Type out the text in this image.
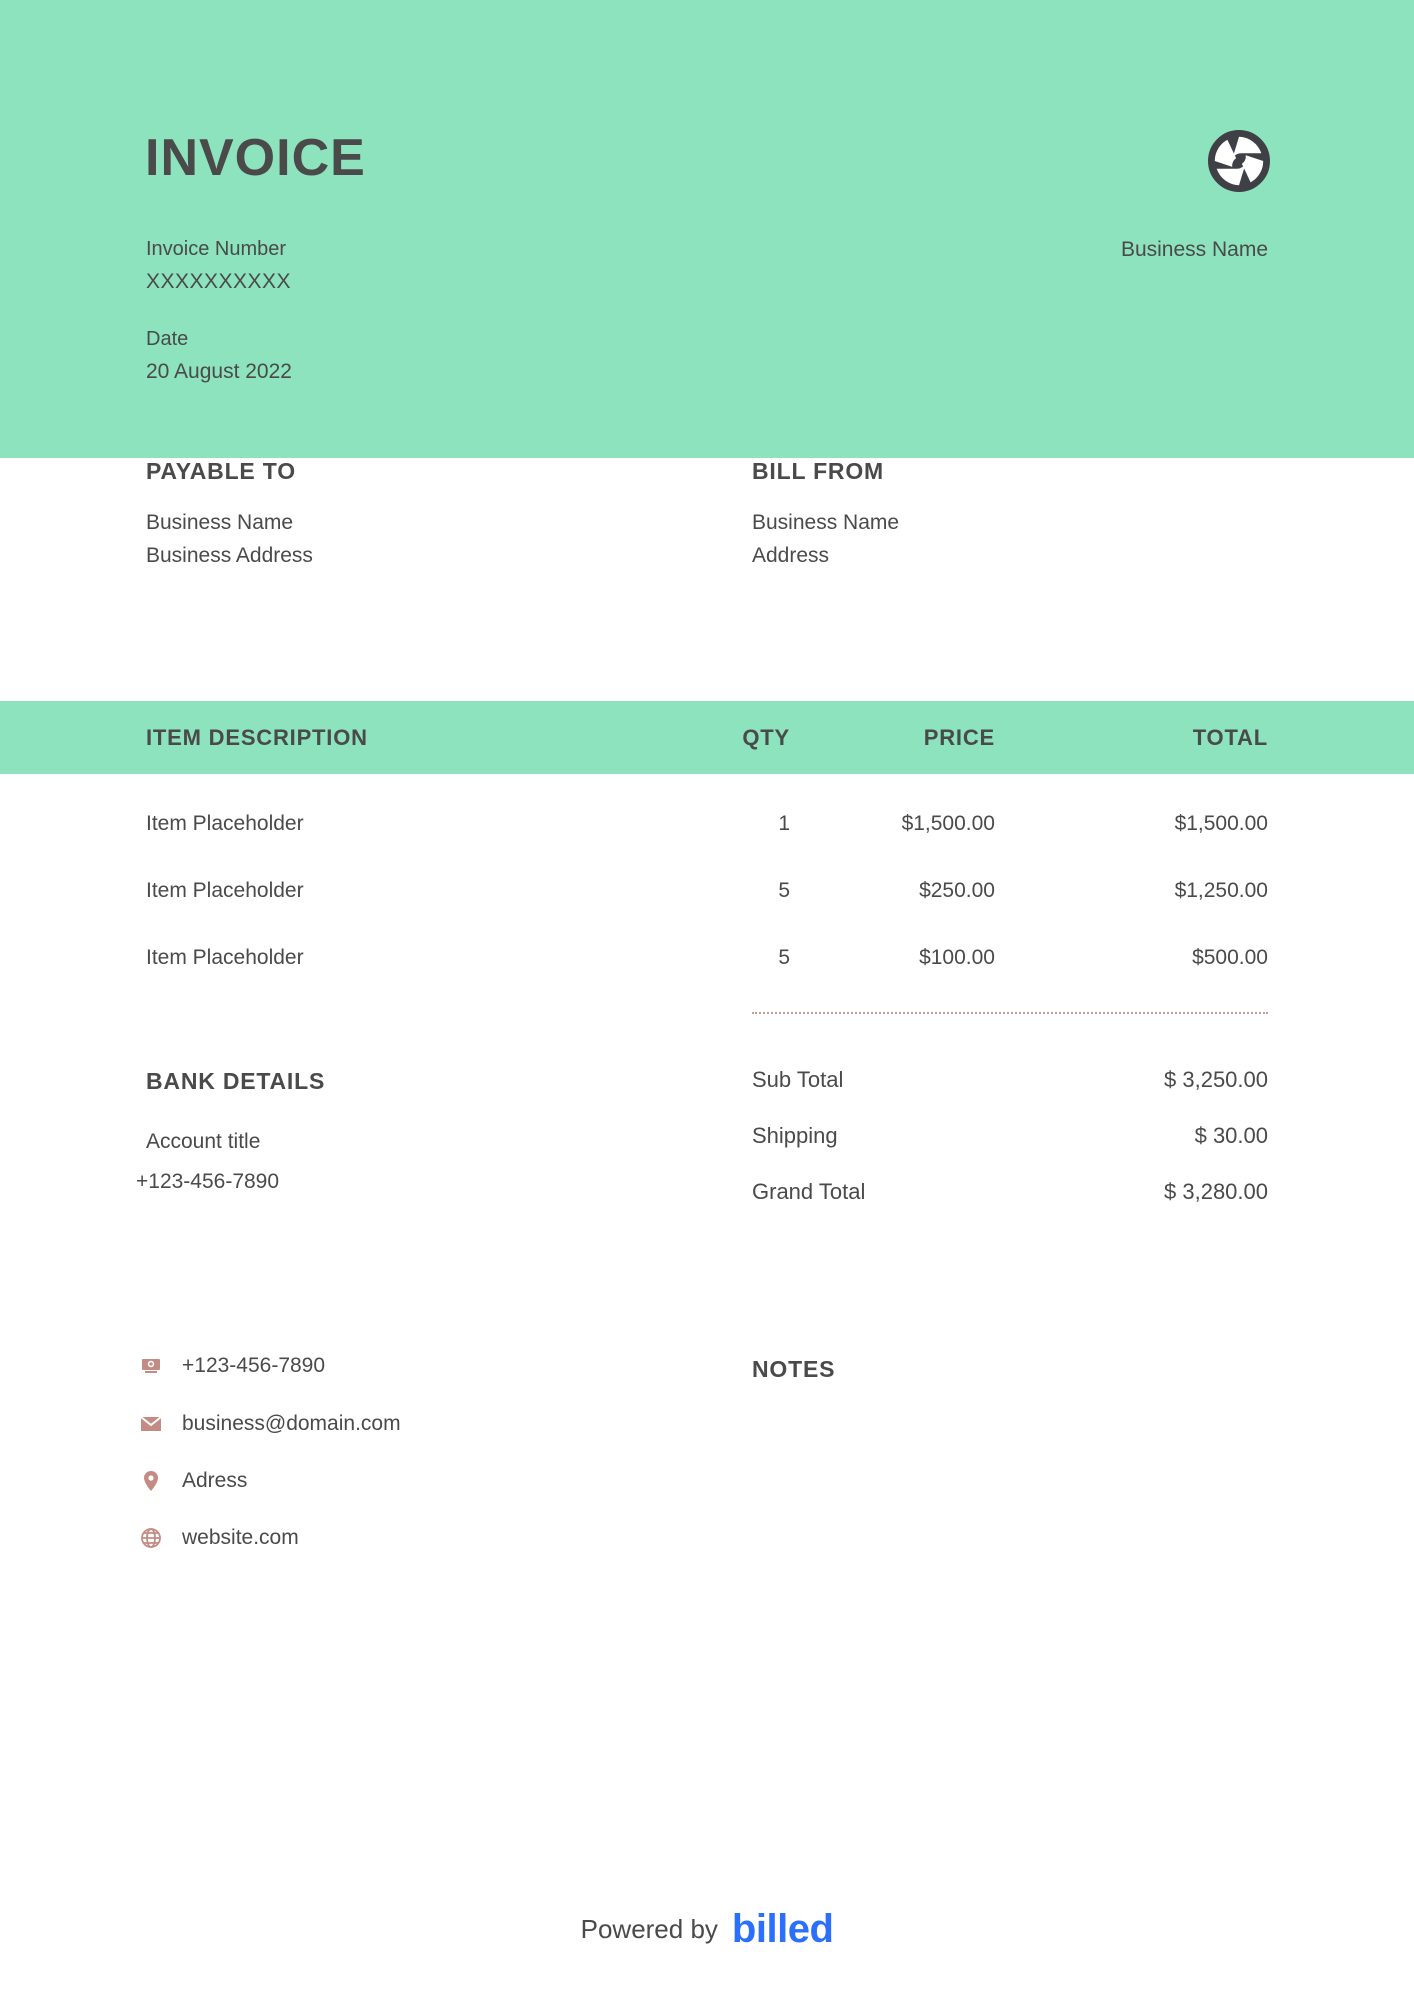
INVOICE
Invoice Number
XXXXXXXXXX
Date
20 August 2022
Business Name
PAYABLE TO
Business Name
Business Address
BILL FROM
Business Name
Address
ITEM DESCRIPTION	QTY	PRICE	TOTAL
Item Placeholder	1	$1,500.00	$1,500.00
Item Placeholder	5	$250.00	$1,250.00
Item Placeholder	5	$100.00	$500.00
BANK DETAILS
Account title
+123-456-7890
Sub Total	$ 3,250.00
Shipping	$ 30.00
Grand Total	$ 3,280.00
+123-456-7890
business@domain.com
Adress
website.com
NOTES
Powered by billed
